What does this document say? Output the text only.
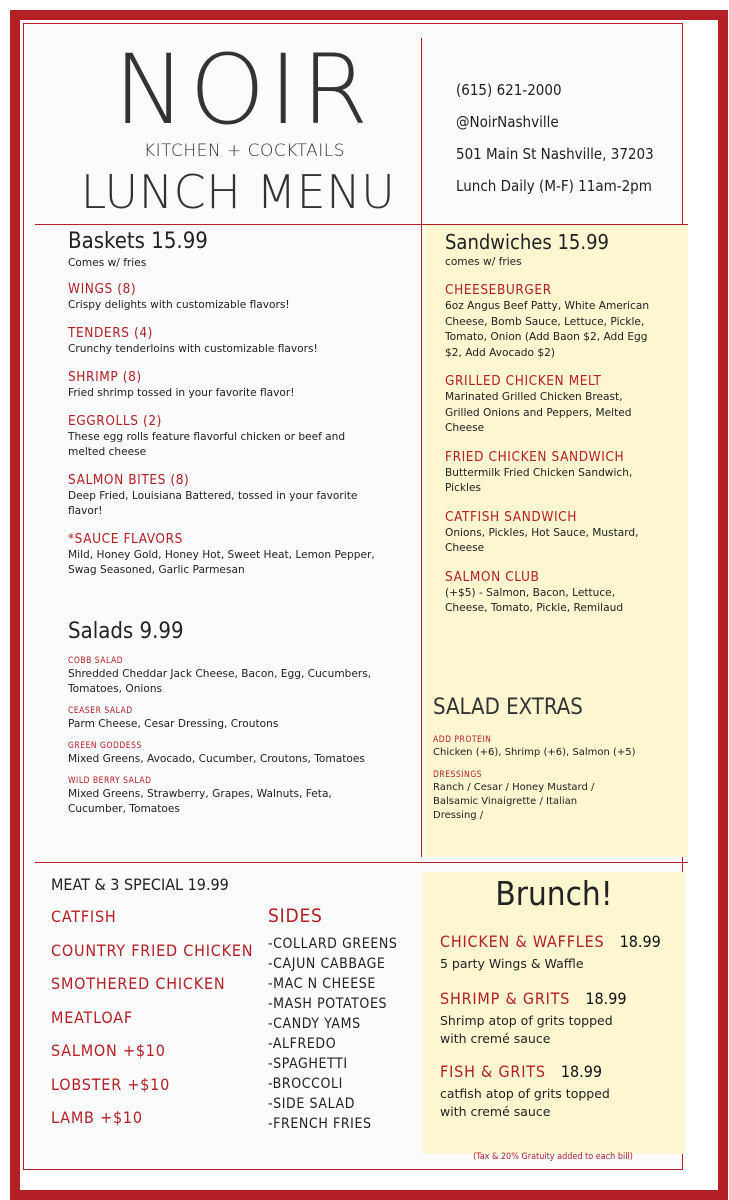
NOIR
KITCHEN + COCKTAILS
LUNCH MENU
(615) 621-2000
@NoirNashville
501 Main St Nashville, 37203
Lunch Daily (M-F) 11am-2pm
Baskets 15.99

Comes w/ fries

WINGS (8)

Crispy delights with customizable flavors!

TENDERS (4)

Crunchy tenderloins with customizable flavors!

SHRIMP (8)

Fried shrimp tossed in your favorite flavor!

EGGROLLS (2)

These egg rolls feature flavorful chicken or beef and melted cheese

SALMON BITES (8)

Deep Fried, Louisiana Battered, tossed in your favorite flavor!

*SAUCE FLAVORS

Mild, Honey Gold, Honey Hot, Sweet Heat, Lemon Pepper, Swag Seasoned, Garlic Parmesan

Salads 9.99

COBB SALAD

Shredded Cheddar Jack Cheese, Bacon, Egg, Cucumbers, Tomatoes, Onions

CEASER SALAD

Parm Cheese, Cesar Dressing, Croutons

GREEN GODDESS

Mixed Greens, Avocado, Cucumber, Croutons, Tomatoes

WILD BERRY SALAD

Mixed Greens, Strawberry, Grapes, Walnuts, Feta, Cucumber, Tomatoes

Sandwiches 15.99

comes w/ fries

CHEESEBURGER

6oz Angus Beef Patty, White American Cheese, Bomb Sauce, Lettuce, Pickle, Tomato, Onion (Add Baon $2, Add Egg $2, Add Avocado $2)

GRILLED CHICKEN MELT

Marinated Grilled Chicken Breast, Grilled Onions and Peppers, Melted Cheese

FRIED CHICKEN SANDWICH

Buttermilk Fried Chicken Sandwich, Pickles

CATFISH SANDWICH

Onions, Pickles, Hot Sauce, Mustard, Cheese

SALMON CLUB

(+$5) - Salmon, Bacon, Lettuce, Cheese, Tomato, Pickle, Remilaud

SALAD EXTRAS

ADD PROTEIN

Chicken (+6), Shrimp (+6), Salmon (+5)

DRESSINGS

Ranch / Cesar / Honey Mustard / Balsamic Vinaigrette / Italian Dressing /

MEAT & 3 SPECIAL 19.99
CATFISH
COUNTRY FRIED CHICKEN
SMOTHERED CHICKEN
MEATLOAF
SALMON +$10
LOBSTER +$10
LAMB +$10
SIDES
-COLLARD GREENS
-CAJUN CABBAGE
-MAC N CHEESE
-MASH POTATOES
-CANDY YAMS
-ALFREDO
-SPAGHETTI
-BROCCOLI
-SIDE SALAD
-FRENCH FRIES
Brunch!
CHICKEN & WAFFLES 18.99

5 party Wings & Waffle

SHRIMP & GRITS 18.99

Shrimp atop of grits topped with cremé sauce

FISH & GRITS 18.99

catfish atop of grits topped with cremé sauce

(Tax & 20% Gratuity added to each bill)
